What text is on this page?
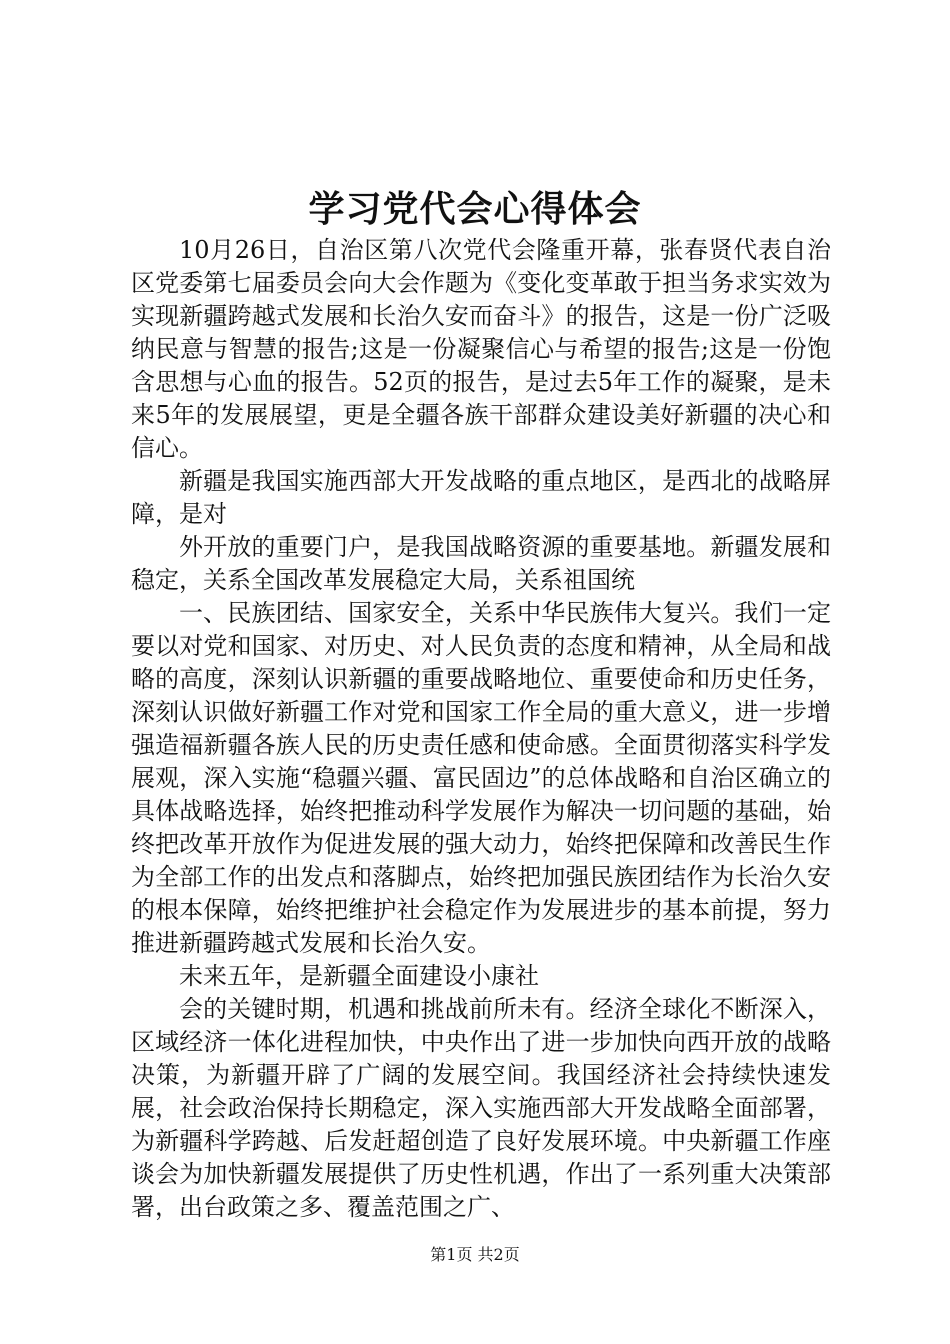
学习党代会心得体会

10月26日，自治区第八次党代会隆重开幕，张春贤代表自治区党委第七届委员会向大会作题为《变化变革敢于担当务求实效为实现新疆跨越式发展和长治久安而奋斗》的报告，这是一份广泛吸纳民意与智慧的报告;这是一份凝聚信心与希望的报告;这是一份饱含思想与心血的报告。52页的报告，是过去5年工作的凝聚，是未来5年的发展展望，更是全疆各族干部群众建设美好新疆的决心和信心。

新疆是我国实施西部大开发战略的重点地区，是西北的战略屏障，是对

外开放的重要门户，是我国战略资源的重要基地。新疆发展和稳定，关系全国改革发展稳定大局，关系祖国统

一、民族团结、国家安全，关系中华民族伟大复兴。我们一定要以对党和国家、对历史、对人民负责的态度和精神，从全局和战略的高度，深刻认识新疆的重要战略地位、重要使命和历史任务，深刻认识做好新疆工作对党和国家工作全局的重大意义，进一步增强造福新疆各族人民的历史责任感和使命感。全面贯彻落实科学发展观，深入实施“稳疆兴疆、富民固边”的总体战略和自治区确立的具体战略选择，始终把推动科学发展作为解决一切问题的基础，始终把改革开放作为促进发展的强大动力，始终把保障和改善民生作为全部工作的出发点和落脚点，始终把加强民族团结作为长治久安的根本保障，始终把维护社会稳定作为发展进步的基本前提，努力推进新疆跨越式发展和长治久安。

未来五年，是新疆全面建设小康社

会的关键时期，机遇和挑战前所未有。经济全球化不断深入，区域经济一体化进程加快，中央作出了进一步加快向西开放的战略决策，为新疆开辟了广阔的发展空间。我国经济社会持续快速发展，社会政治保持长期稳定，深入实施西部大开发战略全面部署，为新疆科学跨越、后发赶超创造了良好发展环境。中央新疆工作座谈会为加快新疆发展提供了历史性机遇，作出了一系列重大决策部署，出台政策之多、覆盖范围之广、

第1页 共2页
